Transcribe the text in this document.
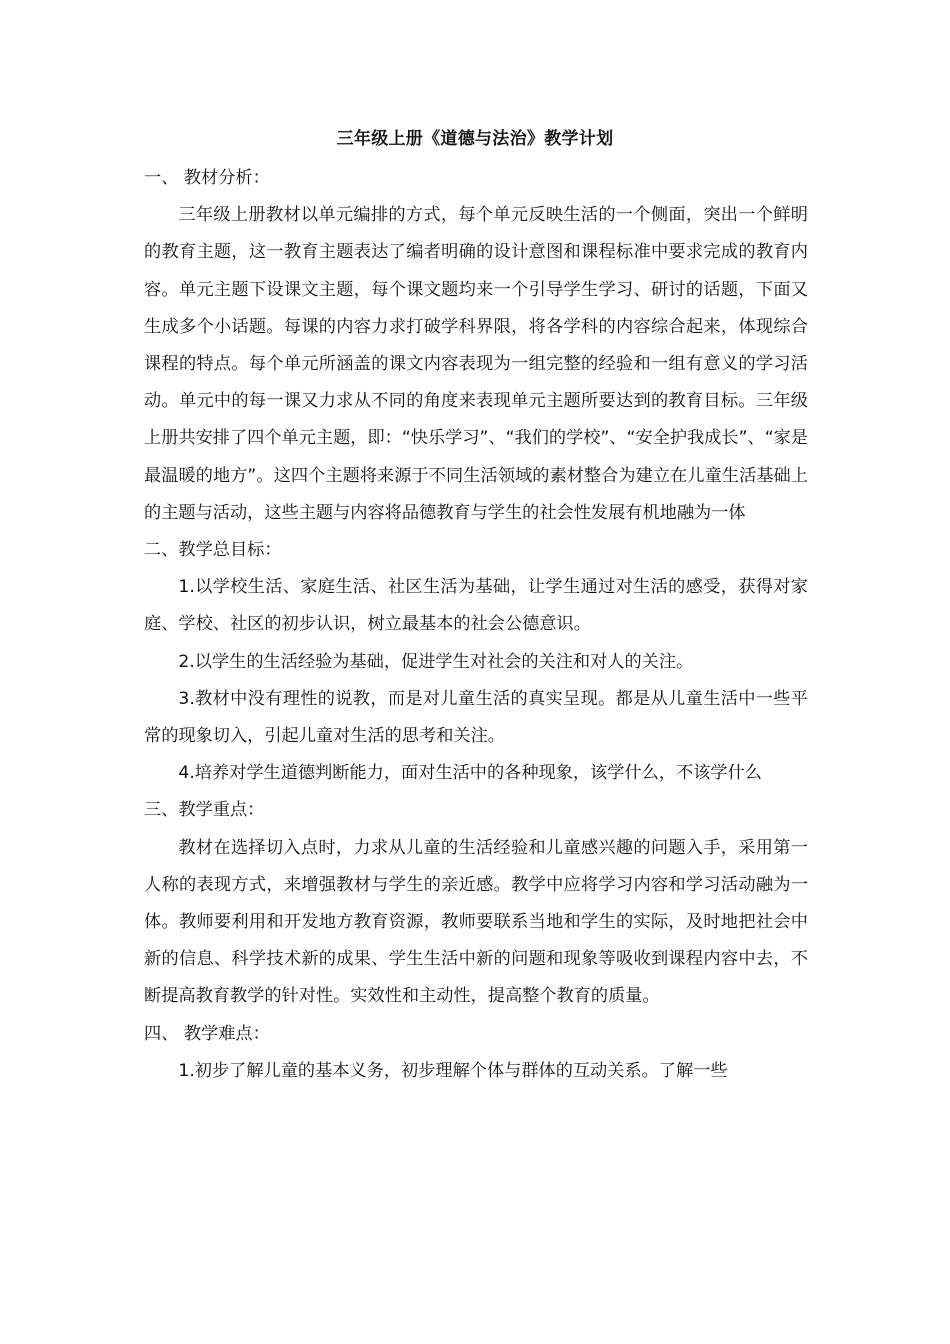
三年级上册《道德与法治》教学计划

一、 教材分析：

三年级上册教材以单元编排的方式，每个单元反映生活的一个侧面，突出一个鲜明的教育主题，这一教育主题表达了编者明确的设计意图和课程标准中要求完成的教育内容。单元主题下设课文主题，每个课文题均来一个引导学生学习、研讨的话题，下面又生成多个小话题。每课的内容力求打破学科界限，将各学科的内容综合起来，体现综合课程的特点。每个单元所涵盖的课文内容表现为一组完整的经验和一组有意义的学习活动。单元中的每一课又力求从不同的角度来表现单元主题所要达到的教育目标。三年级上册共安排了四个单元主题，即：“快乐学习”、“我们的学校”、“安全护我成长”、“家是最温暖的地方”。这四个主题将来源于不同生活领域的素材整合为建立在儿童生活基础上的主题与活动，这些主题与内容将品德教育与学生的社会性发展有机地融为一体

二、教学总目标：

1.以学校生活、家庭生活、社区生活为基础，让学生通过对生活的感受，获得对家庭、学校、社区的初步认识，树立最基本的社会公德意识。

2.以学生的生活经验为基础，促进学生对社会的关注和对人的关注。

3.教材中没有理性的说教，而是对儿童生活的真实呈现。都是从儿童生活中一些平常的现象切入，引起儿童对生活的思考和关注。

4.培养对学生道德判断能力，面对生活中的各种现象，该学什么，不该学什么

三、教学重点：

教材在选择切入点时，力求从儿童的生活经验和儿童感兴趣的问题入手，采用第一人称的表现方式，来增强教材与学生的亲近感。教学中应将学习内容和学习活动融为一体。教师要利用和开发地方教育资源，教师要联系当地和学生的实际，及时地把社会中新的信息、科学技术新的成果、学生生活中新的问题和现象等吸收到课程内容中去，不断提高教育教学的针对性。实效性和主动性，提高整个教育的质量。

四、 教学难点：

1.初步了解儿童的基本义务，初步理解个体与群体的互动关系。了解一些
